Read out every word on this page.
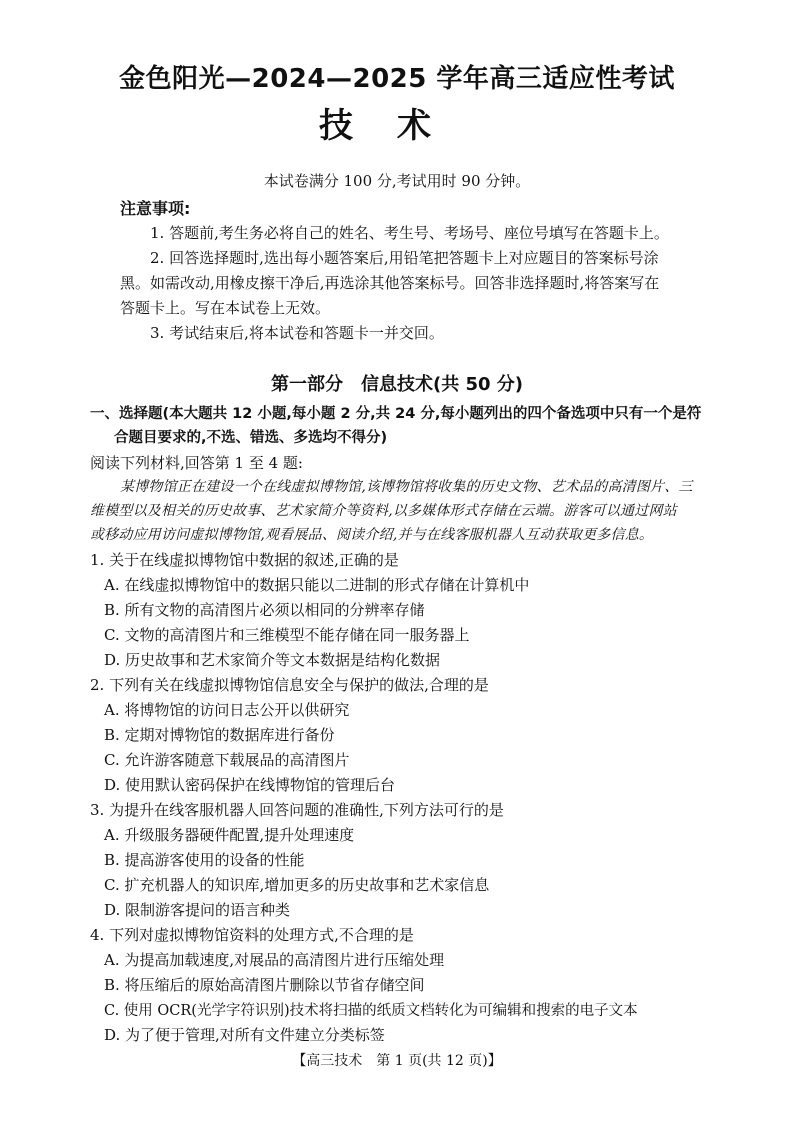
金色阳光—2024—2025 学年高三适应性考试
技术
本试卷满分 100 分,考试用时 90 分钟。
注意事项:
1. 答题前,考生务必将自己的姓名、考生号、考场号、座位号填写在答题卡上。
2. 回答选择题时,选出每小题答案后,用铅笔把答题卡上对应题目的答案标号涂
黑。如需改动,用橡皮擦干净后,再选涂其他答案标号。回答非选择题时,将答案写在
答题卡上。写在本试卷上无效。
3. 考试结束后,将本试卷和答题卡一并交回。
第一部分　信息技术(共 50 分)
一、选择题(本大题共 12 小题,每小题 2 分,共 24 分,每小题列出的四个备选项中只有一个是符
合题目要求的,不选、错选、多选均不得分)
阅读下列材料,回答第 1 至 4 题:
某博物馆正在建设一个在线虚拟博物馆,该博物馆将收集的历史文物、艺术品的高清图片、三
维模型以及相关的历史故事、艺术家简介等资料,以多媒体形式存储在云端。游客可以通过网站
或移动应用访问虚拟博物馆,观看展品、阅读介绍,并与在线客服机器人互动获取更多信息。
1. 关于在线虚拟博物馆中数据的叙述,正确的是
A. 在线虚拟博物馆中的数据只能以二进制的形式存储在计算机中
B. 所有文物的高清图片必须以相同的分辨率存储
C. 文物的高清图片和三维模型不能存储在同一服务器上
D. 历史故事和艺术家简介等文本数据是结构化数据
2. 下列有关在线虚拟博物馆信息安全与保护的做法,合理的是
A. 将博物馆的访问日志公开以供研究
B. 定期对博物馆的数据库进行备份
C. 允许游客随意下载展品的高清图片
D. 使用默认密码保护在线博物馆的管理后台
3. 为提升在线客服机器人回答问题的准确性,下列方法可行的是
A. 升级服务器硬件配置,提升处理速度
B. 提高游客使用的设备的性能
C. 扩充机器人的知识库,增加更多的历史故事和艺术家信息
D. 限制游客提问的语言种类
4. 下列对虚拟博物馆资料的处理方式,不合理的是
A. 为提高加载速度,对展品的高清图片进行压缩处理
B. 将压缩后的原始高清图片删除以节省存储空间
C. 使用 OCR(光学字符识别)技术将扫描的纸质文档转化为可编辑和搜索的电子文本
D. 为了便于管理,对所有文件建立分类标签
【高三技术　第 1 页(共 12 页)】
